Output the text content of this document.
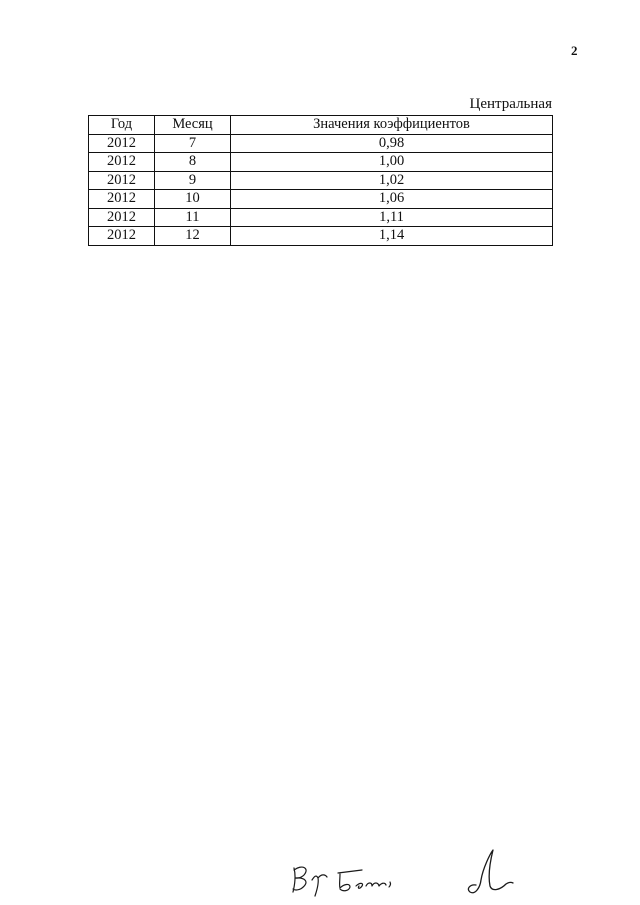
2
Центральная
Год	Месяц	Значения коэффициентов
2012	7	0,98
2012	8	1,00
2012	9	1,02
2012	10	1,06
2012	11	1,11
2012	12	1,14
